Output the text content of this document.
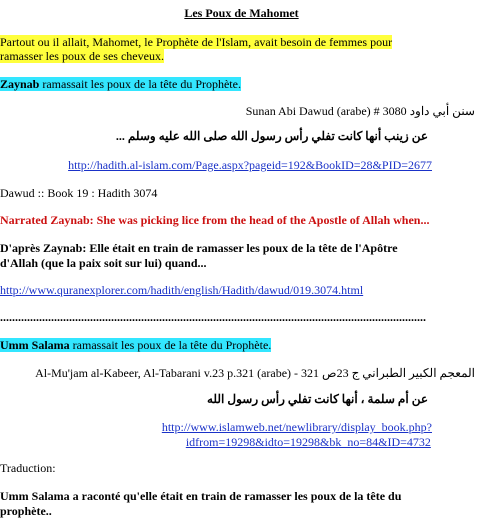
Les Poux de Mahomet
Partout ou il allait, Mahomet, le Prophète de l'Islam, avait besoin de femmes pour
ramasser les poux de ses cheveux.
Zaynab ramassait les poux de la tête du Prophète.
Sunan Abi Dawud (arabe) # 3080 سنن أبي داود
عن زينب أنها كانت تفلي رأس رسول الله صلى الله عليه وسلم ...
http://hadith.al-islam.com/Page.aspx?pageid=192&BookID=28&PID=2677
Dawud :: Book 19 : Hadith 3074
Narrated Zaynab: She was picking lice from the head of the Apostle of Allah when...
D'après Zaynab: Elle était en train de ramasser les poux de la tête de l'Apôtre
d'Allah (que la paix soit sur lui) quand...
http://www.quranexplorer.com/hadith/english/Hadith/dawud/019.3074.html
..............................................................................................................................................
Umm Salama ramassait les poux de la tête du Prophète.
Al-Mu'jam al-Kabeer, Al-Tabarani v.23 p.321 (arabe) - 321 المعجم الكبير الطبراني ج 23ص
عن أم سلمة ، أنها كانت تفلي رأس رسول الله
http://www.islamweb.net/newlibrary/display_book.php?
idfrom=19298&idto=19298&bk_no=84&ID=4732
Traduction:
Umm Salama a raconté qu'elle était en train de ramasser les poux de la tête du
prophète..
